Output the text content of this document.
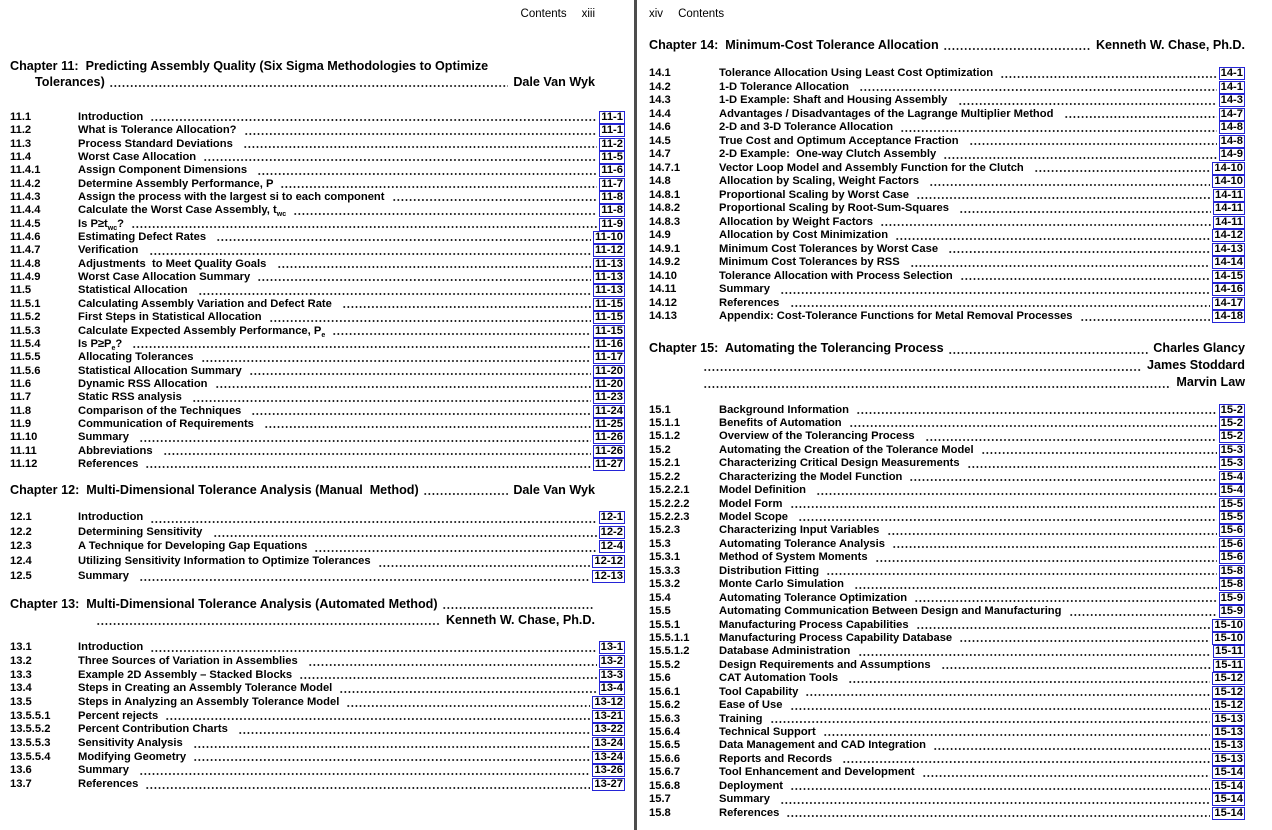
Contents xiii
Chapter 11:  Predicting Assembly Quality (Six Sigma Methodologies to Optimize
Tolerances)	Dale Van Wyk
11.1	Introduction	11-1
11.2	What is Tolerance Allocation?	11-1
11.3	Process Standard Deviations	11-2
11.4	Worst Case Allocation	11-5
11.4.1	Assign Component Dimensions	11-6
11.4.2	Determine Assembly Performance, P	11-7
11.4.3	Assign the process with the largest si to each component	11-8
11.4.4	Calculate the Worst Case Assembly, $t_{wc}$	11-8
11.4.5	Is $P\ge t_{wc}$?	11-9
11.4.6	Estimating Defect Rates	11-10
11.4.7	Verification	11-12
11.4.8	Adjustments  to Meet Quality Goals	11-13
11.4.9	Worst Case Allocation Summary	11-13
11.5	Statistical Allocation	11-13
11.5.1	Calculating Assembly Variation and Defect Rate	11-15
11.5.2	First Steps in Statistical Allocation	11-15
11.5.3	Calculate Expected Assembly Performance, $P_e$	11-15
11.5.4	Is $P\ge P_e$?	11-16
11.5.5	Allocating Tolerances	11-17
11.5.6	Statistical Allocation Summary	11-20
11.6	Dynamic RSS Allocation	11-20
11.7	Static RSS analysis	11-23
11.8	Comparison of the Techniques	11-24
11.9	Communication of Requirements	11-25
11.10	Summary	11-26
11.11	Abbreviations	11-26
11.12	References	11-27
Chapter 12:  Multi-Dimensional Tolerance Analysis (Manual  Method)	Dale Van Wyk
12.1	Introduction	12-1
12.2	Determining Sensitivity	12-2
12.3	A Technique for Developing Gap Equations	12-4
12.4	Utilizing Sensitivity Information to Optimize Tolerances	12-12
12.5	Summary	12-13
Chapter 13:  Multi-Dimensional Tolerance Analysis (Automated Method)
Kenneth W. Chase, Ph.D.
13.1	Introduction	13-1
13.2	Three Sources of Variation in Assemblies	13-2
13.3	Example 2D Assembly – Stacked Blocks	13-3
13.4	Steps in Creating an Assembly Tolerance Model	13-4
13.5	Steps in Analyzing an Assembly Tolerance Model	13-12
13.5.5.1	Percent rejects	13-21
13.5.5.2	Percent Contribution Charts	13-22
13.5.5.3	Sensitivity Analysis	13-24
13.5.5.4	Modifying Geometry	13-24
13.6	Summary	13-26
13.7	References	13-27
xiv Contents
Chapter 14:  Minimum-Cost Tolerance Allocation	Kenneth W. Chase, Ph.D.
14.1	Tolerance Allocation Using Least Cost Optimization	14-1
14.2	1-D Tolerance Allocation	14-1
14.3	1-D Example: Shaft and Housing Assembly	14-3
14.4	Advantages / Disadvantages of the Lagrange Multiplier Method	14-7
14.6	2-D and 3-D Tolerance Allocation	14-8
14.5	True Cost and Optimum Acceptance Fraction	14-8
14.7	2-D Example:  One-way Clutch Assembly	14-9
14.7.1	Vector Loop Model and Assembly Function for the Clutch	14-10
14.8	Allocation by Scaling, Weight Factors	14-10
14.8.1	Proportional Scaling by Worst Case	14-11
14.8.2	Proportional Scaling by Root-Sum-Squares	14-11
14.8.3	Allocation by Weight Factors	14-11
14.9	Allocation by Cost Minimization	14-12
14.9.1	Minimum Cost Tolerances by Worst Case	14-13
14.9.2	Minimum Cost Tolerances by RSS	14-14
14.10	Tolerance Allocation with Process Selection	14-15
14.11	Summary	14-16
14.12	References	14-17
14.13	Appendix: Cost-Tolerance Functions for Metal Removal Processes	14-18
Chapter 15:  Automating the Tolerancing Process	Charles Glancy
James Stoddard
Marvin Law
15.1	Background Information	15-2
15.1.1	Benefits of Automation	15-2
15.1.2	Overview of the Tolerancing Process	15-2
15.2	Automating the Creation of the Tolerance Model	15-3
15.2.1	Characterizing Critical Design Measurements	15-3
15.2.2	Characterizing the Model Function	15-4
15.2.2.1	Model Definition	15-4
15.2.2.2	Model Form	15-5
15.2.2.3	Model Scope	15-5
15.2.3	Characterizing Input Variables	15-6
15.3	Automating Tolerance Analysis	15-6
15.3.1	Method of System Moments	15-6
15.3.3	Distribution Fitting	15-8
15.3.2	Monte Carlo Simulation	15-8
15.4	Automating Tolerance Optimization	15-9
15.5	Automating Communication Between Design and Manufacturing	15-9
15.5.1	Manufacturing Process Capabilities	15-10
15.5.1.1	Manufacturing Process Capability Database	15-10
15.5.1.2	Database Administration	15-11
15.5.2	Design Requirements and Assumptions	15-11
15.6	CAT Automation Tools	15-12
15.6.1	Tool Capability	15-12
15.6.2	Ease of Use	15-12
15.6.3	Training	15-13
15.6.4	Technical Support	15-13
15.6.5	Data Management and CAD Integration	15-13
15.6.6	Reports and Records	15-13
15.6.7	Tool Enhancement and Development	15-14
15.6.8	Deployment	15-14
15.7	Summary	15-14
15.8	References	15-14
